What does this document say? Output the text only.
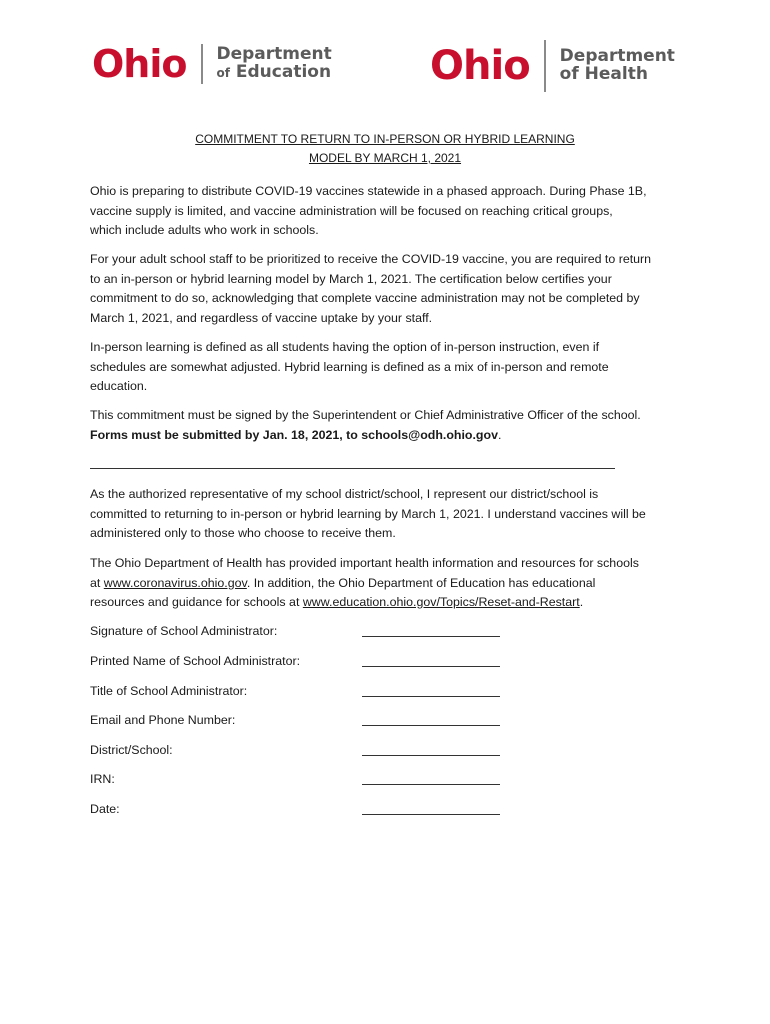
Ohio Department
of Education Ohio Department
of Health
COMMITMENT TO RETURN TO IN-PERSON OR HYBRID LEARNING
MODEL BY MARCH 1, 2021
Ohio is preparing to distribute COVID-19 vaccines statewide in a phased approach. During Phase 1B,
vaccine supply is limited, and vaccine administration will be focused on reaching critical groups,
which include adults who work in schools.
For your adult school staff to be prioritized to receive the COVID-19 vaccine, you are required to return
to an in-person or hybrid learning model by March 1, 2021. The certification below certifies your
commitment to do so, acknowledging that complete vaccine administration may not be completed by
March 1, 2021, and regardless of vaccine uptake by your staff.
In-person learning is defined as all students having the option of in-person instruction, even if
schedules are somewhat adjusted. Hybrid learning is defined as a mix of in-person and remote
education.
This commitment must be signed by the Superintendent or Chief Administrative Officer of the school.
Forms must be submitted by Jan. 18, 2021, to schools@odh.ohio.gov.
As the authorized representative of my school district/school, I represent our district/school is
committed to returning to in-person or hybrid learning by March 1, 2021. I understand vaccines will be
administered only to those who choose to receive them.
The Ohio Department of Health has provided important health information and resources for schools
at www.coronavirus.ohio.gov. In addition, the Ohio Department of Education has educational
resources and guidance for schools at www.education.ohio.gov/Topics/Reset-and-Restart.
Signature of School Administrator:
Printed Name of School Administrator:
Title of School Administrator:
Email and Phone Number:
District/School:
IRN:
Date:
